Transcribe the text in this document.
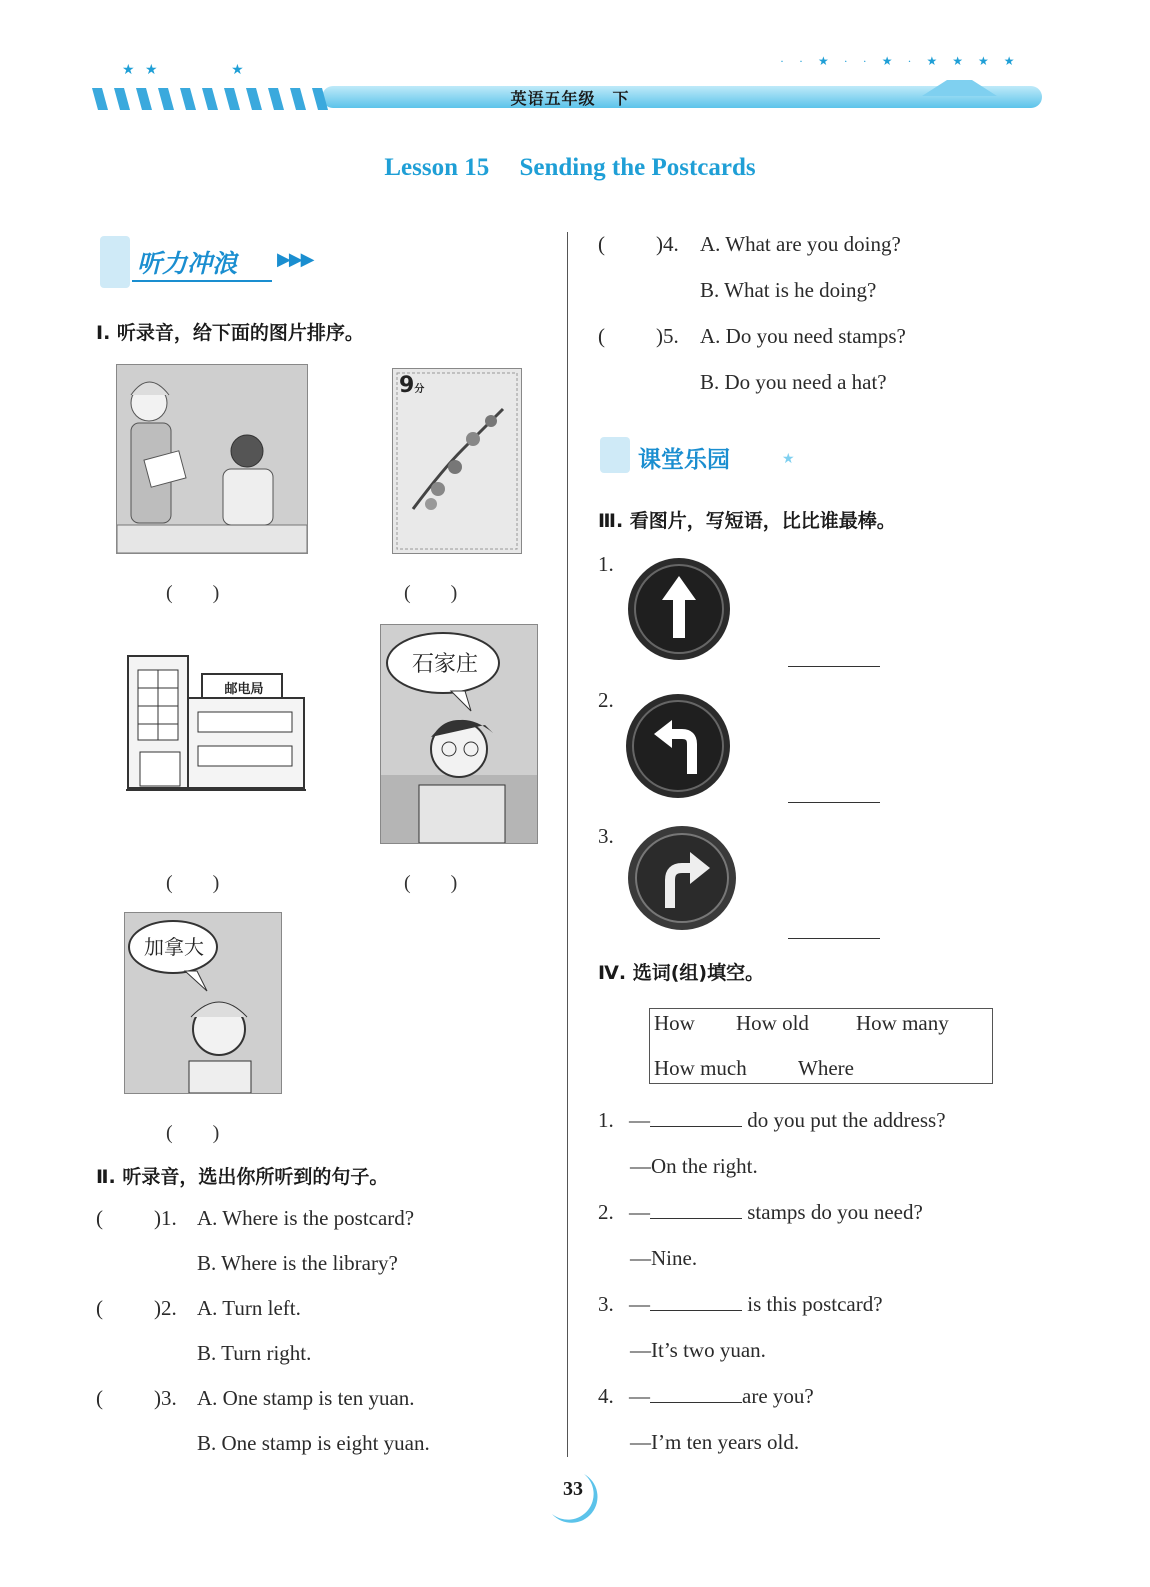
★   ★                     ★
· · ★ · · ★ · ★ ★ ★ ★
英语五年级　下
Lesson 15 Sending the Postcards
听力冲浪 ▶▶▶
Ⅰ. 听录音，给下面的图片排序。
(　　)
9分
(　　)
邮电局
(　　)
石家庄
(　　)
加拿大
(　　)
Ⅱ. 听录音，选出你所听到的句子。
( )1. A. Where is the postcard?
B. Where is the library?
( )2. A. Turn left.
B. Turn right.
( )3. A. One stamp is ten yuan.
B. One stamp is eight yuan.
( )4. A. What are you doing?
B. What is he doing?
( )5. A. Do you need stamps?
B. Do you need a hat?
课堂乐园	★
Ⅲ. 看图片，写短语，比比谁最棒。
1.
2.
3.
Ⅳ. 选词(组)填空。
How How old How many
How much Where
1. —	do you put the address?
—On the right.
2. —	stamps do you need?
—Nine.
3. —	is this postcard?
—It’s two yuan.
4. —	are you?
—I’m ten years old.
33
